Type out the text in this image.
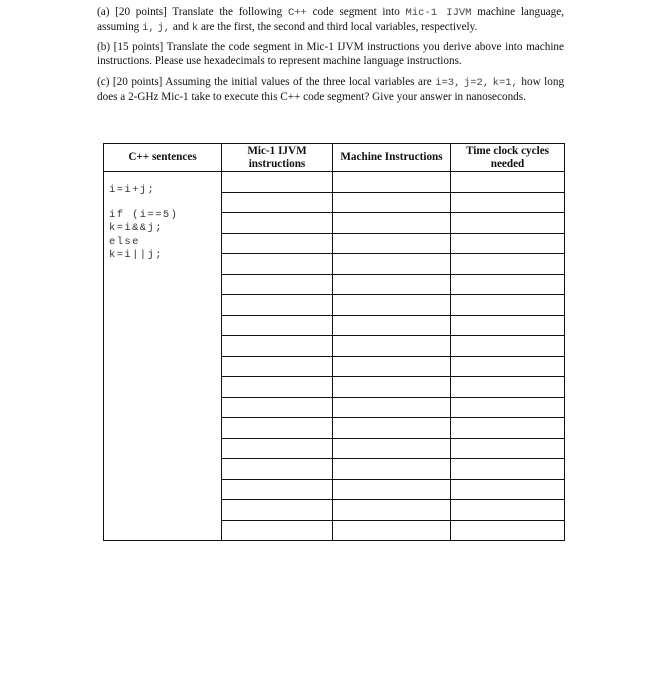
(a) [20 points] Translate the following C++ code segment into Mic-1 IJVM machine language, assuming i, j, and k are the first, the second and third local variables, respectively.

(b) [15 points] Translate the code segment in Mic-1 IJVM instructions you derive above into machine instructions. Please use hexadecimals to represent machine language instructions.

(c) [20 points] Assuming the initial values of the three local variables are i=3, j=2, k=1, how long does a 2-GHz Mic-1 take to execute this C++ code segment? Give your answer in nanoseconds.

C++ sentences	Mic-1 IJVM instructions	Machine Instructions	Time clock cycles needed

i=i+j;
if (i==5)
k=i&&j;
else
k=i||j;			
